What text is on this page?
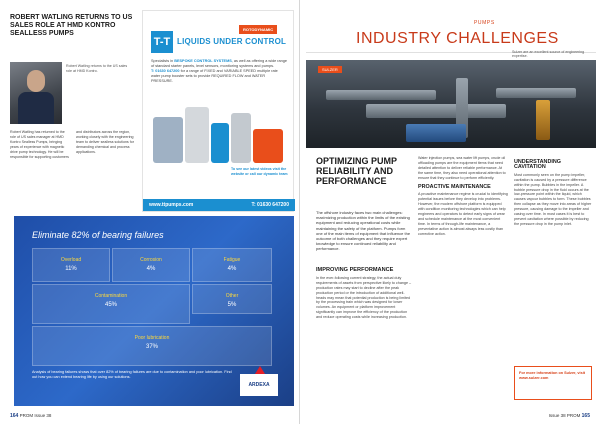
ROBERT WATLING RETURNS TO US SALES ROLE AT HMD KONTRO SEALLESS PUMPS
Robert Watling returns to the US sales role at HMD Kontro.
Robert Watling has returned to the role of US sales manager at HMD Kontro Sealless Pumps, bringing years of experience with magnetic drive pump technology. He will be responsible for supporting customers and distributors across the region, working closely with the engineering team to deliver sealless solutions for demanding chemical and process applications.
ROTODYNAMIC
T-T LIQUIDS UNDER CONTROL
Specialists in BESPOKE CONTROL SYSTEMS, as well as offering a wide range of standard starter panels, level sensors, monitoring systems and pumps.
T: 01630 647200 for a range of FIXED and VARIABLE SPEED multiple rate water pump booster sets to provide REQUIRED FLOW and WATER PRESSURE.
To see our latest videos visit the website or call our dynamic team
www.ttpumps.com	T: 01630 647200
Eliminate 82% of bearing failures
Overload
11%
Corrosion
4%
Fatigue
4%
Other
5%
Contamination
45%
Poor lubrication
37%
Analysis of bearing failures shows that over 82% of bearing failures are due to contamination and poor lubrication. Find out how you can extend bearing life by using our solutions.
ARDEXA
164 PROM Issue 38
PUMPS
INDUSTRY CHALLENGES
Sulzer are an excellent source of engineering expertise.
SULZER
OPTIMIZING PUMP RELIABILITY AND PERFORMANCE
The offshore industry faces two main challenges: maximizing production within the limits of the existing equipment and reducing operational costs while maintaining the safety of the platform. Pumps form one of the main items of equipment that influence the outcome of both challenges and they require expert knowledge to ensure continued reliability and performance.
IMPROVING PERFORMANCE
In the ever-following current strategy, the actual duty requirements of assets from perspective likely to change – production rates may start to decline after the peak production period or the introduction of additional well-heads may mean that potential production is being limited by the processing train which was designed for lower volumes. An equipment or platform improvement significantly can improve the efficiency of the production and reduce operating costs while increasing production.
Water injection pumps, sea water lift pumps, crude oil offloading pumps are the equipment items that need detailed attention to deliver reliable performance. At the same time, they also need operational attention to ensure that they continue to perform efficiently.
PROACTIVE MAINTENANCE
A proactive maintenance regime is crucial to identifying potential issues before they develop into problems. However, the modern offshore platform is equipped with condition monitoring technologies which can help engineers and operators to detect early signs of wear and schedule maintenance at the most convenient time. In terms of through-life maintenance, a preventative action is almost always less costly than corrective action.
UNDERSTANDING CAVITATION
Most commonly seen on the pump impeller, cavitation is caused by a pressure difference within the pump. Bubbles in the impeller. A bubble pressure drop in the fluid occurs at the low-pressure point within the liquid, which causes vapour bubbles to form. These bubbles then collapse as they move into areas of higher pressure, causing damage to the impeller and casing over time. In most cases it is best to prevent cavitation where possible by reducing the pressure drop in the pump inlet.
For more information on Sulzer, visit www.sulzer.com
Issue 38 PROM 165
